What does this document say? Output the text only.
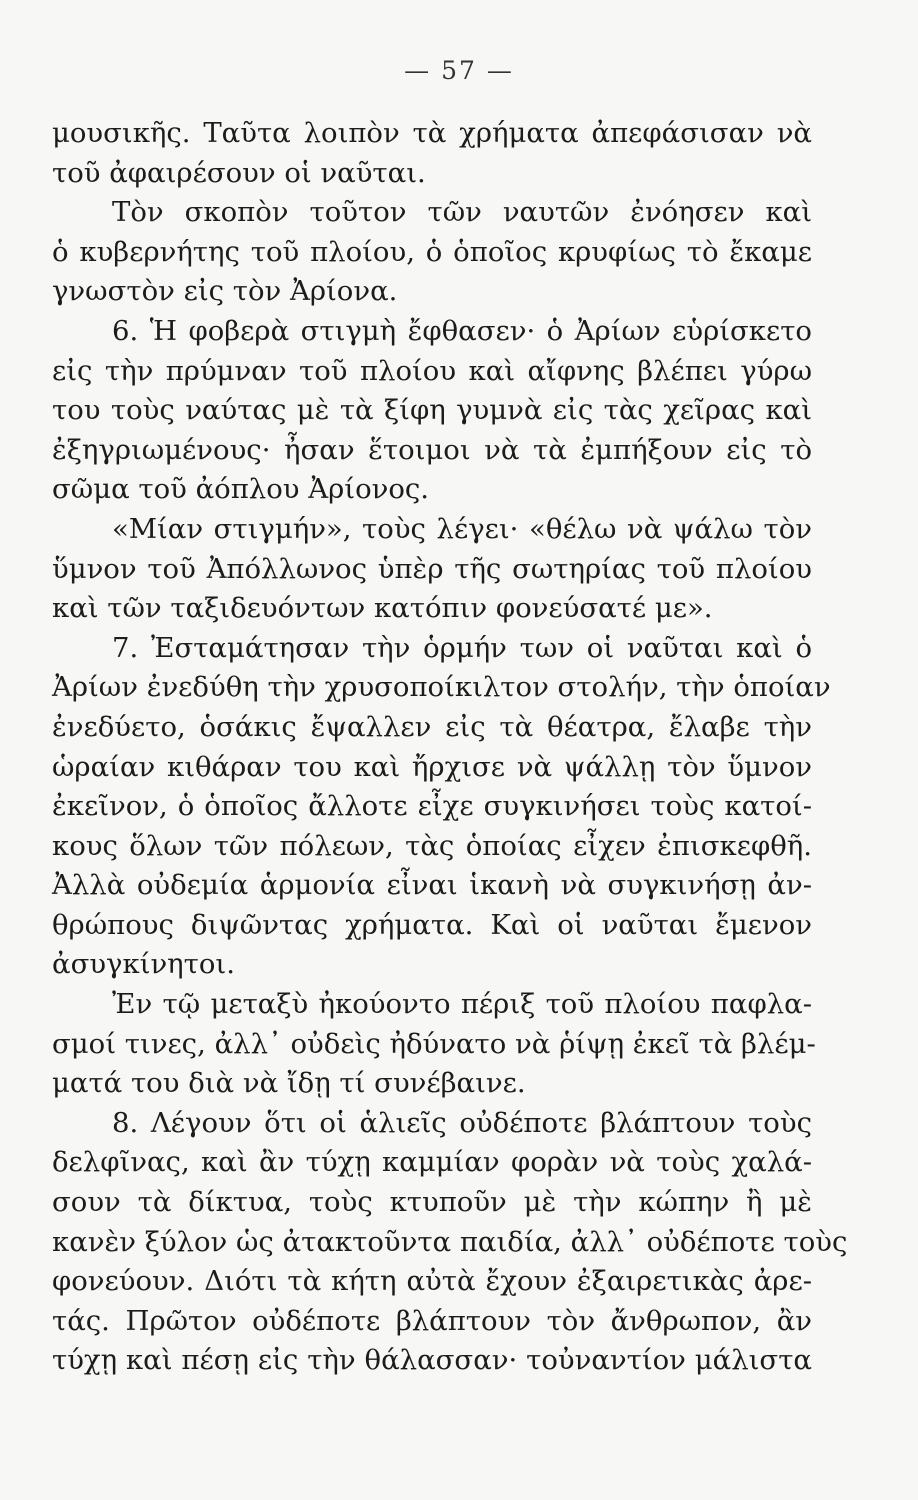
— 57 —
μουσικῆς. Ταῦτα λοιπὸν τὰ χρήματα ἀπεφάσισαν νὰ
τοῦ ἀφαιρέσουν οἱ ναῦται.
Τὸν σκοπὸν τοῦτον τῶν ναυτῶν ἐνόησεν καὶ
ὁ κυβερνήτης τοῦ πλοίου, ὁ ὁποῖος κρυφίως τὸ ἔκαμε
γνωστὸν εἰς τὸν Ἀρίονα.
6. Ἡ φοβερὰ στιγμὴ ἔφθασεν· ὁ Ἀρίων εὑρίσκετο
εἰς τὴν πρύμναν τοῦ πλοίου καὶ αἴφνης βλέπει γύρω
του τοὺς ναύτας μὲ τὰ ξίφη γυμνὰ εἰς τὰς χεῖρας καὶ
ἐξηγριωμένους· ἦσαν ἕτοιμοι νὰ τὰ ἐμπήξουν εἰς τὸ
σῶμα τοῦ ἀόπλου Ἀρίονος.
«Μίαν στιγμήν», τοὺς λέγει· «θέλω νὰ ψάλω τὸν
ὕμνον τοῦ Ἀπόλλωνος ὑπὲρ τῆς σωτηρίας τοῦ πλοίου
καὶ τῶν ταξιδευόντων κατόπιν φονεύσατέ με».
7. Ἐσταμάτησαν τὴν ὁρμήν των οἱ ναῦται καὶ ὁ
Ἀρίων ἐνεδύθη τὴν χρυσοποίκιλτον στολήν, τὴν ὁποίαν
ἐνεδύετο, ὁσάκις ἔψαλλεν εἰς τὰ θέατρα, ἔλαβε τὴν
ὡραίαν κιθάραν του καὶ ἤρχισε νὰ ψάλλῃ τὸν ὕμνον
ἐκεῖνον, ὁ ὁποῖος ἄλλοτε εἶχε συγκινήσει τοὺς κατοί-
κους ὅλων τῶν πόλεων, τὰς ὁποίας εἶχεν ἐπισκεφθῆ.
Ἀλλὰ οὐδεμία ἁρμονία εἶναι ἱκανὴ νὰ συγκινήσῃ ἀν-
θρώπους διψῶντας χρήματα. Καὶ οἱ ναῦται ἔμενον
ἀσυγκίνητοι.
Ἐν τῷ μεταξὺ ἠκούοντο πέριξ τοῦ πλοίου παφλα-
σμοί τινες, ἀλλ᾽ οὐδεὶς ἠδύνατο νὰ ῥίψῃ ἐκεῖ τὰ βλέμ-
ματά του διὰ νὰ ἴδῃ τί συνέβαινε.
8. Λέγουν ὅτι οἱ ἁλιεῖς οὐδέποτε βλάπτουν τοὺς
δελφῖνας, καὶ ἂν τύχῃ καμμίαν φορὰν νὰ τοὺς χαλά-
σουν τὰ δίκτυα, τοὺς κτυποῦν μὲ τὴν κώπην ἢ μὲ
κανὲν ξύλον ὡς ἀτακτοῦντα παιδία, ἀλλ᾽ οὐδέποτε τοὺς
φονεύουν. Διότι τὰ κήτη αὐτὰ ἔχουν ἐξαιρετικὰς ἀρε-
τάς. Πρῶτον οὐδέποτε βλάπτουν τὸν ἄνθρωπον, ἂν
τύχῃ καὶ πέσῃ εἰς τὴν θάλασσαν· τοὐναντίον μάλιστα
